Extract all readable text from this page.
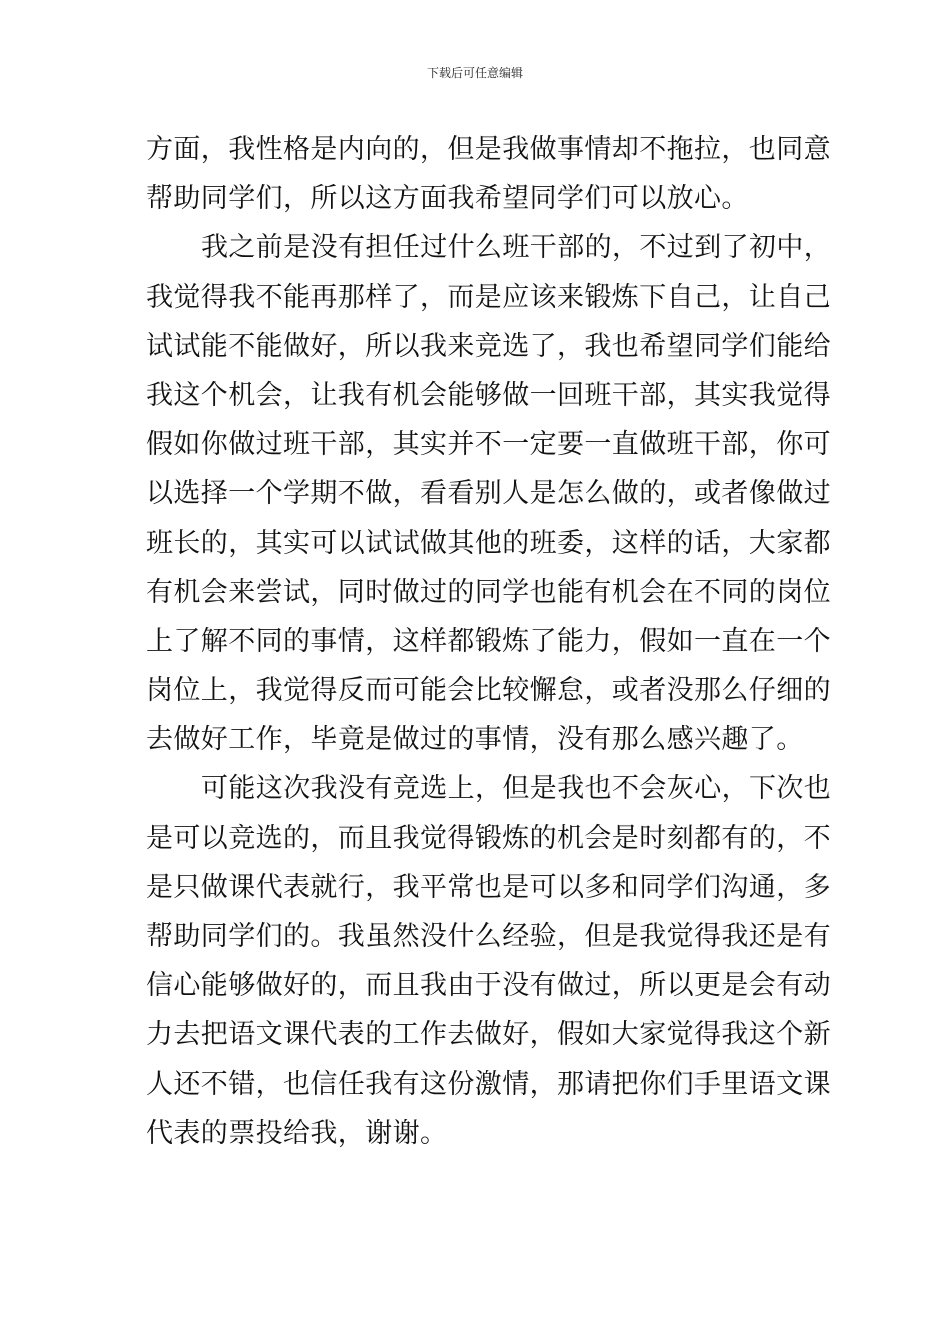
下载后可任意编辑
方面，我性格是内向的，但是我做事情却不拖拉，也同意
帮助同学们，所以这方面我希望同学们可以放心。
我之前是没有担任过什么班干部的，不过到了初中，
我觉得我不能再那样了，而是应该来锻炼下自己，让自己
试试能不能做好，所以我来竞选了，我也希望同学们能给
我这个机会，让我有机会能够做一回班干部，其实我觉得
假如你做过班干部，其实并不一定要一直做班干部，你可
以选择一个学期不做，看看别人是怎么做的，或者像做过
班长的，其实可以试试做其他的班委，这样的话，大家都
有机会来尝试，同时做过的同学也能有机会在不同的岗位
上了解不同的事情，这样都锻炼了能力，假如一直在一个
岗位上，我觉得反而可能会比较懈怠，或者没那么仔细的
去做好工作，毕竟是做过的事情，没有那么感兴趣了。
可能这次我没有竞选上，但是我也不会灰心，下次也
是可以竞选的，而且我觉得锻炼的机会是时刻都有的，不
是只做课代表就行，我平常也是可以多和同学们沟通，多
帮助同学们的。我虽然没什么经验，但是我觉得我还是有
信心能够做好的，而且我由于没有做过，所以更是会有动
力去把语文课代表的工作去做好，假如大家觉得我这个新
人还不错，也信任我有这份激情，那请把你们手里语文课
代表的票投给我，谢谢。
